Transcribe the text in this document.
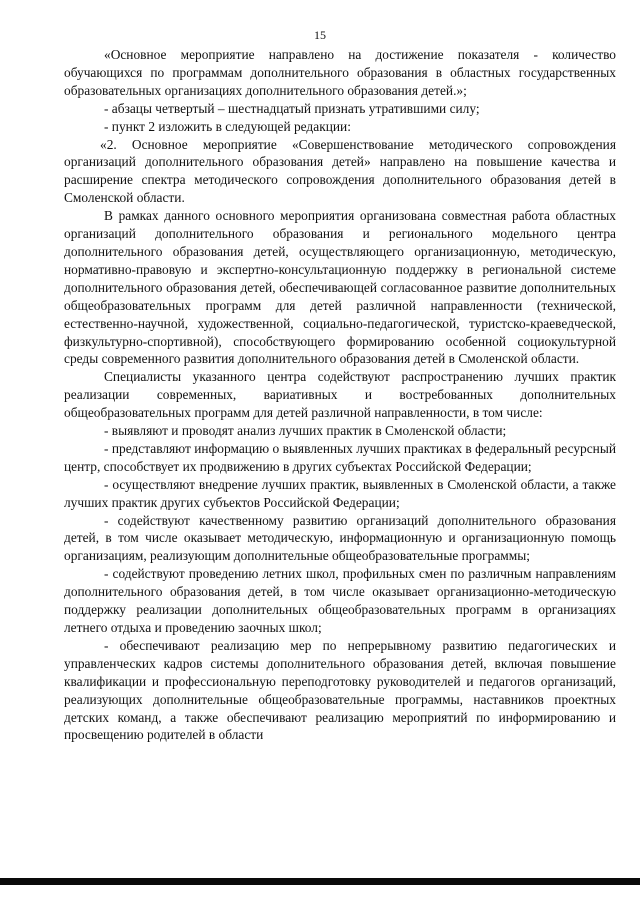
15

«Основное мероприятие направлено на достижение показателя - количество обучающихся по программам дополнительного образования в областных государственных образовательных организациях дополнительного образования детей.»;

- абзацы четвертый – шестнадцатый признать утратившими силу;

- пункт 2 изложить в следующей редакции:

«2. Основное мероприятие «Совершенствование методического сопровождения организаций дополнительного образования детей» направлено на повышение качества и расширение спектра методического сопровождения дополнительного образования детей в Смоленской области.

В рамках данного основного мероприятия организована совместная работа областных организаций дополнительного образования и регионального модельного центра дополнительного образования детей, осуществляющего организационную, методическую, нормативно-правовую и экспертно-консультационную поддержку в региональной системе дополнительного образования детей, обеспечивающей согласованное развитие дополнительных общеобразовательных программ для детей различной направленности (технической, естественно-научной, художественной, социально-педагогической, туристско-краеведческой, физкультурно-спортивной), способствующего формированию особенной социокультурной среды современного развития дополнительного образования детей в Смоленской области.

Специалисты указанного центра содействуют распространению лучших практик реализации современных, вариативных и востребованных дополнительных общеобразовательных программ для детей различной направленности, в том числе:

- выявляют и проводят анализ лучших практик в Смоленской области;

- представляют информацию о выявленных лучших практиках в федеральный ресурсный центр, способствует их продвижению в других субъектах Российской Федерации;

- осуществляют внедрение лучших практик, выявленных в Смоленской области, а также лучших практик других субъектов Российской Федерации;

- содействуют качественному развитию организаций дополнительного образования детей, в том числе оказывает методическую, информационную и организационную помощь организациям, реализующим дополнительные общеобразовательные программы;

- содействуют проведению летних школ, профильных смен по различным направлениям дополнительного образования детей, в том числе оказывает организационно-методическую поддержку реализации дополнительных общеобразовательных программ в организациях летнего отдыха и проведению заочных школ;

- обеспечивают реализацию мер по непрерывному развитию педагогических и управленческих кадров системы дополнительного образования детей, включая повышение квалификации и профессиональную переподготовку руководителей и педагогов организаций, реализующих дополнительные общеобразовательные программы, наставников проектных детских команд, а также обеспечивают реализацию мероприятий по информированию и просвещению родителей в области
